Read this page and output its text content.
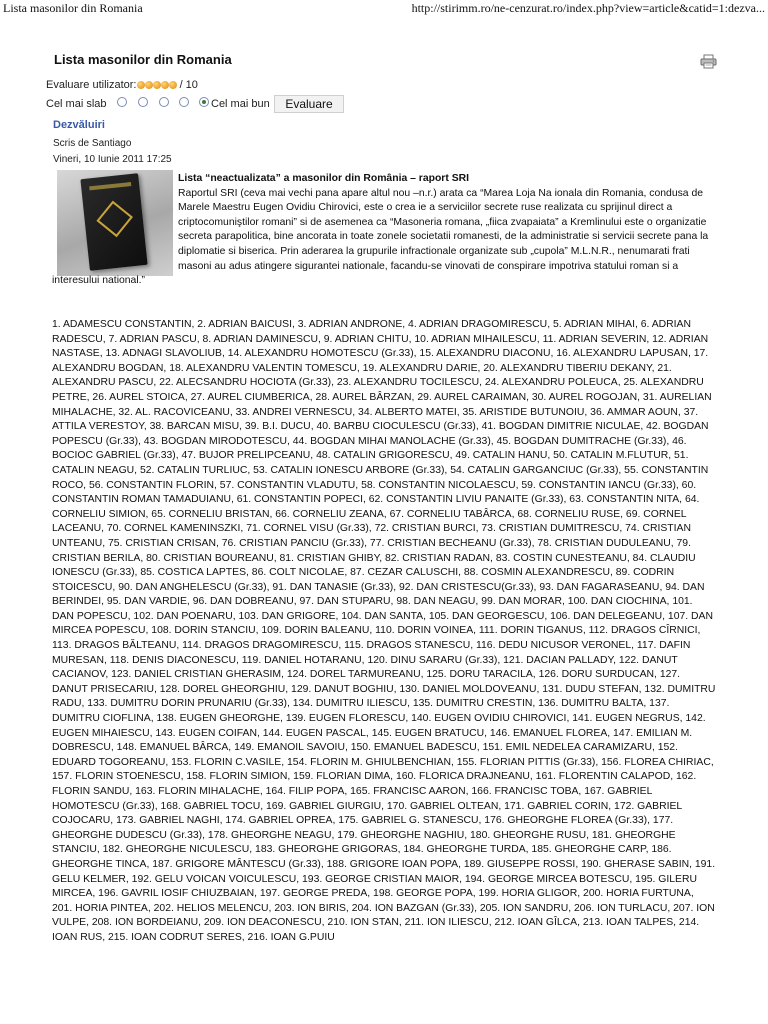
Lista masonilor din Romania	http://stirimm.ro/ne-cenzurat.ro/index.php?view=article&catid=1:dezva...
Lista masonilor din Romania
Evaluare utilizator:	/ 10
Cel mai slab	Cel mai bun	Evaluare
Dezvăluiri
Scris de Santiago
Vineri, 10 Iunie 2011 17:25

Lista “neactualizata” a masonilor din România – raport SRI
Raportul SRI (ceva mai vechi pana apare altul nou –n.r.) arata ca “Marea Loja Na ionala din Romania, condusa de Marele Maestru Eugen Ovidiu Chirovici, este o crea ie a serviciilor secrete ruse realizata cu sprijinul direct a criptocomuniştilor romani” si de asemenea ca “Masoneria romana, „fiica zvapaiata” a Kremlinului este o organizatie secreta parapolitica, bine ancorata in toate zonele societatii romanesti, de la administratie si servicii secrete pana la diplomatie si biserica. Prin aderarea la grupurile infractionale organizate sub „cupola” M.L.N.R., nenumarati frati masoni au adus atingere sigurantei nationale, facandu-se vinovati de conspirare impotriva statului roman si a interesului national.”

1. ADAMESCU CONSTANTIN, 2. ADRIAN BAICUSI, 3. ADRIAN ANDRONE, 4. ADRIAN DRAGOMIRESCU, 5. ADRIAN MIHAI, 6. ADRIAN RADESCU, 7. ADRIAN PASCU, 8. ADRIAN DAMINESCU, 9. ADRIAN CHITU, 10. ADRIAN MIHAILESCU, 11. ADRIAN SEVERIN, 12. ADRIAN NASTASE, 13. ADNAGI SLAVOLIUB, 14. ALEXANDRU HOMOTESCU (Gr.33), 15. ALEXANDRU DIACONU, 16. ALEXANDRU LAPUSAN, 17. ALEXANDRU BOGDAN, 18. ALEXANDRU VALENTIN TOMESCU, 19. ALEXANDRU DARIE, 20. ALEXANDRU TIBERIU DEKANY, 21. ALEXANDRU PASCU, 22. ALECSANDRU HOCIOTA (Gr.33), 23. ALEXANDRU TOCILESCU, 24. ALEXANDRU POLEUCA, 25. ALEXANDRU PETRE, 26. AUREL STOICA, 27. AUREL CIUMBERICA, 28. AUREL BÂRZAN, 29. AUREL CARAIMAN, 30. AUREL ROGOJAN, 31. AURELIAN MIHALACHE, 32. AL. RACOVICEANU, 33. ANDREI VERNESCU, 34. ALBERTO MATEI, 35. ARISTIDE BUTUNOIU, 36. AMMAR AOUN, 37. ATTILA VERESTOY, 38. BARCAN MISU, 39. B.I. DUCU, 40. BARBU CIOCULESCU (Gr.33), 41. BOGDAN DIMITRIE NICULAE, 42. BOGDAN POPESCU (Gr.33), 43. BOGDAN MIRODOTESCU, 44. BOGDAN MIHAI MANOLACHE (Gr.33), 45. BOGDAN DUMITRACHE (Gr.33), 46. BOCIOC GABRIEL (Gr.33), 47. BUJOR PRELIPCEANU, 48. CATALIN GRIGORESCU, 49. CATALIN HANU, 50. CATALIN M.FLUTUR, 51. CATALIN NEAGU, 52. CATALIN TURLIUC, 53. CATALIN IONESCU ARBORE (Gr.33), 54. CATALIN GARGANCIUC (Gr.33), 55. CONSTANTIN ROCO, 56. CONSTANTIN FLORIN, 57. CONSTANTIN VLADUTU, 58. CONSTANTIN NICOLAESCU, 59. CONSTANTIN IANCU (Gr.33), 60. CONSTANTIN ROMAN TAMADUIANU, 61. CONSTANTIN POPECI, 62. CONSTANTIN LIVIU PANAITE (Gr.33), 63. CONSTANTIN NITA, 64. CORNELIU SIMION, 65. CORNELIU BRISTAN, 66. CORNELIU ZEANA, 67. CORNELIU TABÂRCA, 68. CORNELIU RUSE, 69. CORNEL LACEANU, 70. CORNEL KAMENINSZKI, 71. CORNEL VISU (Gr.33), 72. CRISTIAN BURCI, 73. CRISTIAN DUMITRESCU, 74. CRISTIAN UNTEANU, 75. CRISTIAN CRISAN, 76. CRISTIAN PANCIU (Gr.33), 77. CRISTIAN BECHEANU (Gr.33), 78. CRISTIAN DUDULEANU, 79. CRISTIAN BERILA, 80. CRISTIAN BOUREANU, 81. CRISTIAN GHIBY, 82. CRISTIAN RADAN, 83. COSTIN CUNESTEANU, 84. CLAUDIU IONESCU (Gr.33), 85. COSTICA LAPTES, 86. COLT NICOLAE, 87. CEZAR CALUSCHI, 88. COSMIN ALEXANDRESCU, 89. CODRIN STOICESCU, 90. DAN ANGHELESCU (Gr.33), 91. DAN TANASIE (Gr.33), 92. DAN CRISTESCU(Gr.33), 93. DAN FAGARASEANU, 94. DAN BERINDEI, 95. DAN VARDIE, 96. DAN DOBREANU, 97. DAN STUPARU, 98. DAN NEAGU, 99. DAN MORAR, 100. DAN CIOCHINA, 101. DAN POPESCU, 102. DAN POENARU, 103. DAN GRIGORE, 104. DAN SANTA, 105. DAN GEORGESCU, 106. DAN DELEGEANU, 107. DAN MIRCEA POPESCU, 108. DORIN STANCIU, 109. DORIN BALEANU, 110. DORIN VOINEA, 111. DORIN TIGANUS, 112. DRAGOS CÎRNICI, 113. DRAGOS BĂLTEANU, 114. DRAGOS DRAGOMIRESCU, 115. DRAGOS STANESCU, 116. DEDU NICUSOR VERONEL, 117. DAFIN MURESAN, 118. DENIS DIACONESCU, 119. DANIEL HOTARANU, 120. DINU SARARU (Gr.33), 121. DACIAN PALLADY, 122. DANUT CACIANOV, 123. DANIEL CRISTIAN GHERASIM, 124. DOREL TARMUREANU, 125. DORU TARACILA, 126. DORU SURDUCAN, 127. DANUT PRISECARIU, 128. DOREL GHEORGHIU, 129. DANUT BOGHIU, 130. DANIEL MOLDOVEANU, 131. DUDU STEFAN, 132. DUMITRU RADU, 133. DUMITRU DORIN PRUNARIU (Gr.33), 134. DUMITRU ILIESCU, 135. DUMITRU CRESTIN, 136. DUMITRU BALTA, 137. DUMITRU CIOFLINA, 138. EUGEN GHEORGHE, 139. EUGEN FLORESCU, 140. EUGEN OVIDIU CHIROVICI, 141. EUGEN NEGRUS, 142. EUGEN MIHAIESCU, 143. EUGEN COIFAN, 144. EUGEN PASCAL, 145. EUGEN BRATUCU, 146. EMANUEL FLOREA, 147. EMILIAN M. DOBRESCU, 148. EMANUEL BÂRCA, 149. EMANOIL SAVOIU, 150. EMANUEL BADESCU, 151. EMIL NEDELEA CARAMIZARU, 152. EDUARD TOGOREANU, 153. FLORIN C.VASILE, 154. FLORIN M. GHIULBENCHIAN, 155. FLORIAN PITTIS (Gr.33), 156. FLOREA CHIRIAC, 157. FLORIN STOENESCU, 158. FLORIN SIMION, 159. FLORIAN DIMA, 160. FLORICA DRAJNEANU, 161. FLORENTIN CALAPOD, 162. FLORIN SANDU, 163. FLORIN MIHALACHE, 164. FILIP POPA, 165. FRANCISC AARON, 166. FRANCISC TOBA, 167. GABRIEL HOMOTESCU (Gr.33), 168. GABRIEL TOCU, 169. GABRIEL GIURGIU, 170. GABRIEL OLTEAN, 171. GABRIEL CORIN, 172. GABRIEL COJOCARU, 173. GABRIEL NAGHI, 174. GABRIEL OPREA, 175. GABRIEL G. STANESCU, 176. GHEORGHE FLOREA (Gr.33), 177. GHEORGHE DUDESCU (Gr.33), 178. GHEORGHE NEAGU, 179. GHEORGHE NAGHIU, 180. GHEORGHE RUSU, 181. GHEORGHE STANCIU, 182. GHEORGHE NICULESCU, 183. GHEORGHE GRIGORAS, 184. GHEORGHE TURDA, 185. GHEORGHE CARP, 186. GHEORGHE TINCA, 187. GRIGORE MÂNTESCU (Gr.33), 188. GRIGORE IOAN POPA, 189. GIUSEPPE ROSSI, 190. GHERASE SABIN, 191. GELU KELMER, 192. GELU VOICAN VOICULESCU, 193. GEORGE CRISTIAN MAIOR, 194. GEORGE MIRCEA BOTESCU, 195. GILERU MIRCEA, 196. GAVRIL IOSIF CHIUZBAIAN, 197. GEORGE PREDA, 198. GEORGE POPA, 199. HORIA GLIGOR, 200. HORIA FURTUNA, 201. HORIA PINTEA, 202. HELIOS MELENCU, 203. ION BIRIS, 204. ION BAZGAN (Gr.33), 205. ION SANDRU, 206. ION TURLACU, 207. ION VULPE, 208. ION BORDEIANU, 209. ION DEACONESCU, 210. ION STAN, 211. ION ILIESCU, 212. IOAN GÎLCA, 213. IOAN TALPES, 214. IOAN RUS, 215. IOAN CODRUT SERES, 216. IOAN G.PUIU
